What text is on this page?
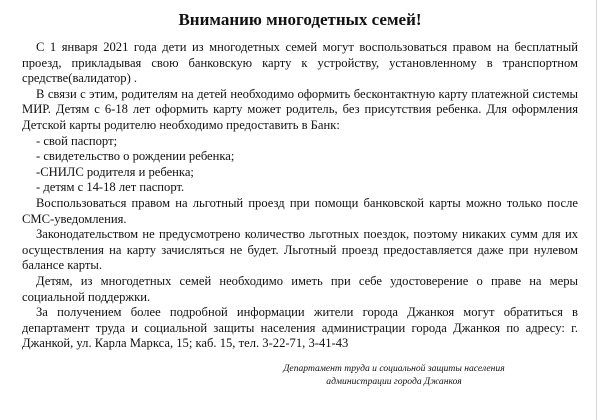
Вниманию многодетных семей!

С 1 января 2021 года дети из многодетных семей могут воспользоваться правом на бесплатный проезд, прикладывая свою банковскую карту к устройству, установленному в транспортном средстве(валидатор) .

В связи с этим, родителям на детей необходимо оформить бесконтактную карту платежной системы МИР. Детям с 6-18 лет оформить карту может родитель, без присутствия ребенка. Для оформления Детской карты родителю необходимо предоставить в Банк:

- свой паспорт;
- свидетельство о рождении ребенка;
-СНИЛС родителя и ребенка;
- детям с 14-18 лет паспорт.

Воспользоваться правом на льготный проезд при помощи банковской карты можно только после СМС-уведомления.

Законодательством не предусмотрено количество льготных поездок, поэтому никаких сумм для их осуществления на карту зачисляться не будет. Льготный проезд предоставляется даже при нулевом балансе карты.

Детям, из многодетных семей необходимо иметь при себе удостоверение о праве на меры социальной поддержки.

За получением более подробной информации жители города Джанкоя могут обратиться в департамент труда и социальной защиты населения администрации города Джанкоя по адресу: г. Джанкой, ул. Карла Маркса, 15; каб. 15, тел. 3-22-71, 3-41-43

Департамент труда и социальной защиты населения
администрации города Джанкоя
